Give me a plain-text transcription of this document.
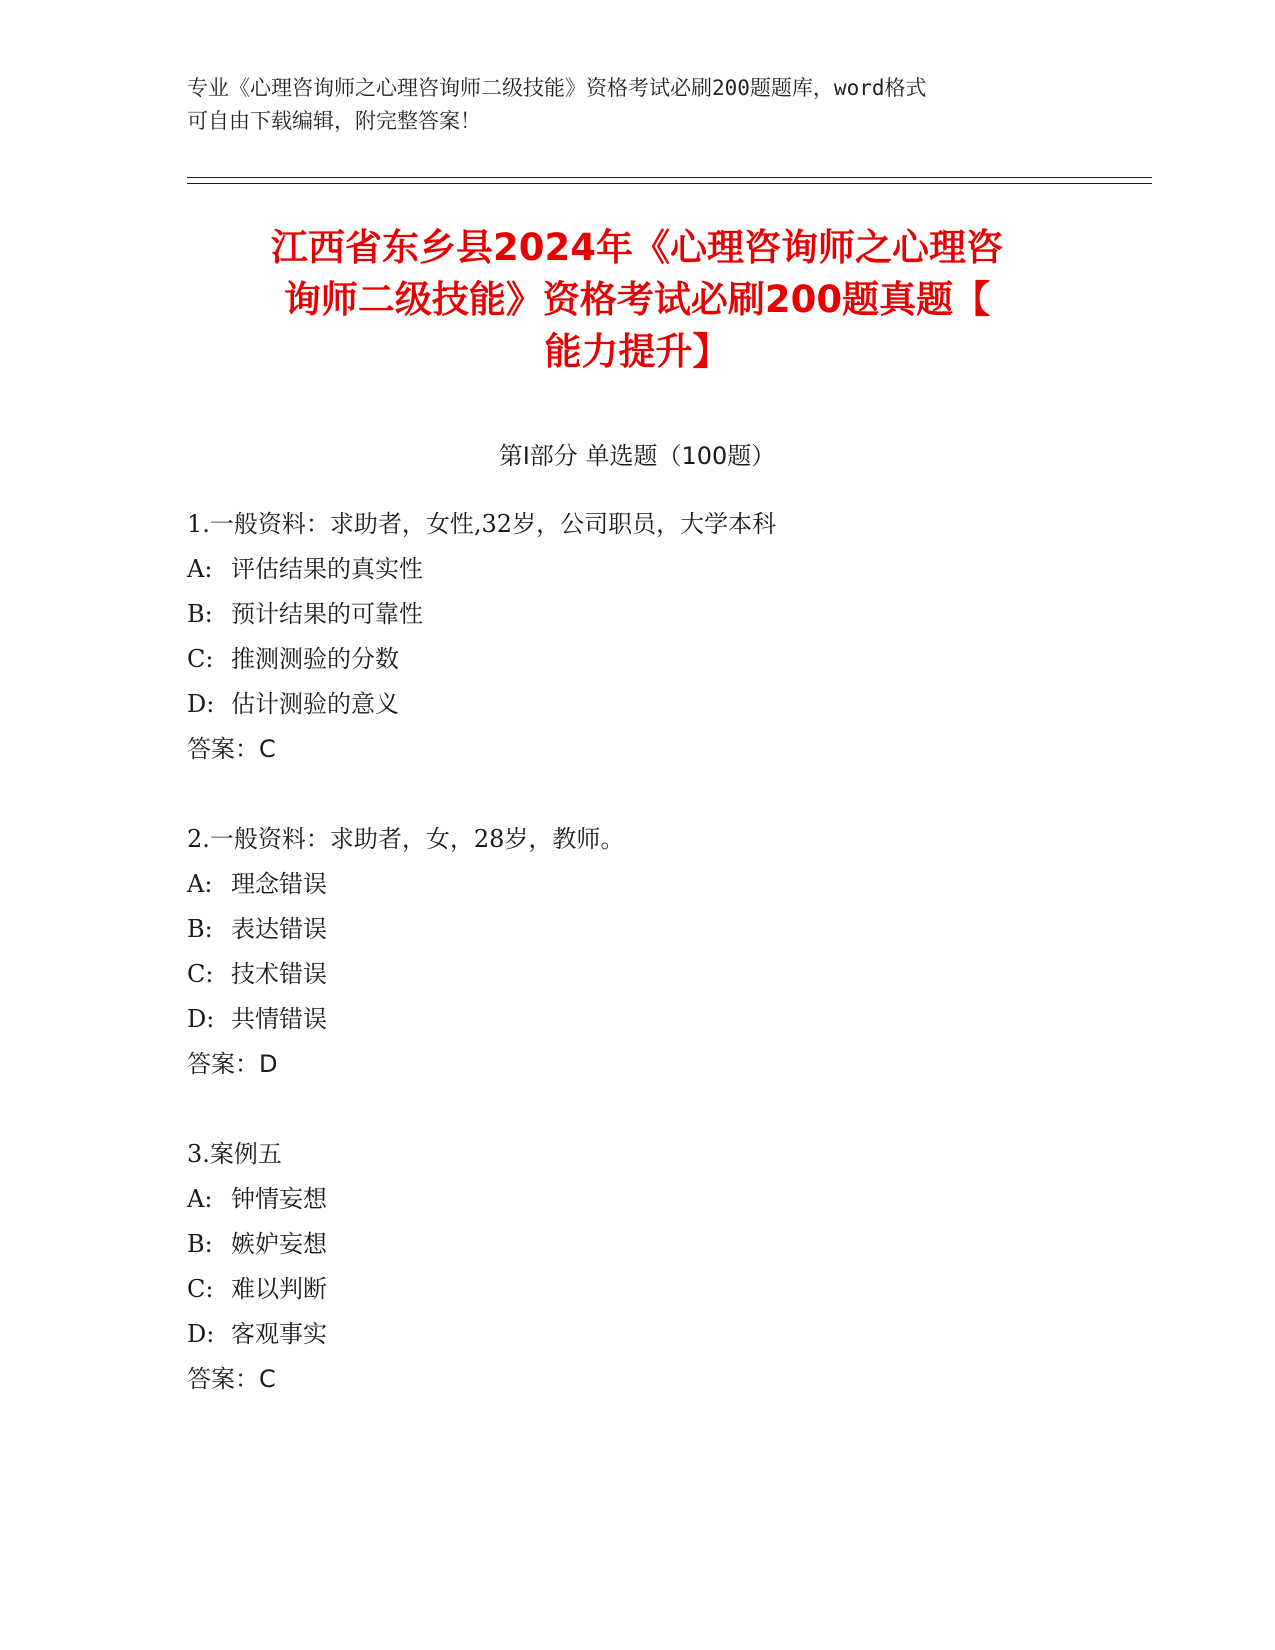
专业《心理咨询师之心理咨询师二级技能》资格考试必刷200题题库，word格式
可自由下载编辑，附完整答案！
江西省东乡县2024年《心理咨询师之心理咨
询师二级技能》资格考试必刷200题真题【
能力提升】
第Ⅰ部分 单选题（100题）
1.一般资料：求助者，女性,32岁，公司职员，大学本科
A: 评估结果的真实性
B: 预计结果的可靠性
C: 推测测验的分数
D: 估计测验的意义
答案：C
2.一般资料：求助者，女，28岁，教师。
A: 理念错误
B: 表达错误
C: 技术错误
D: 共情错误
答案：D
3.案例五
A: 钟情妄想
B: 嫉妒妄想
C: 难以判断
D: 客观事实
答案：C
